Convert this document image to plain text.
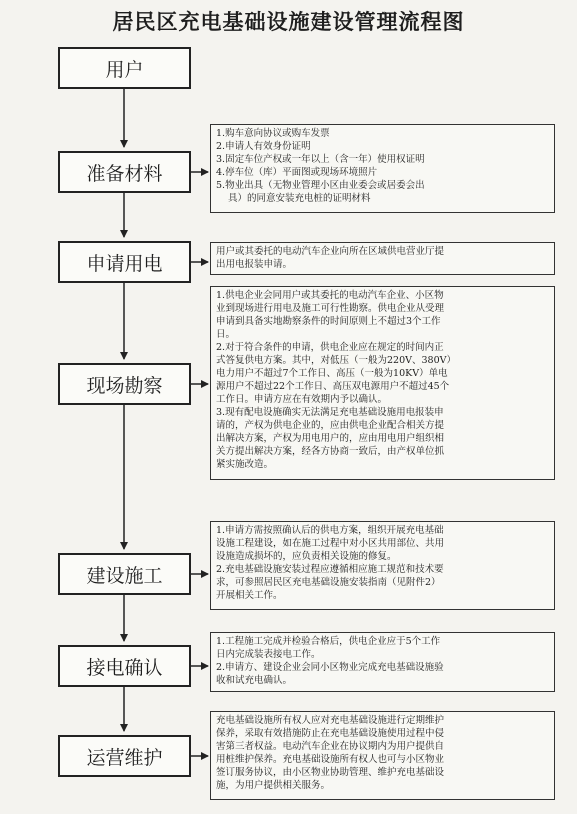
居民区充电基础设施建设管理流程图
用户
准备材料
申请用电
现场勘察
建设施工
接电确认
运营维护
1.购车意向协议或购车发票
2.申请人有效身份证明
3.固定车位产权或一年以上（含一年）使用权证明
4.停车位（库）平面图或现场环境照片
5.物业出具（无物业管理小区由业委会或居委会出
具）的同意安装充电桩的证明材料
用户或其委托的电动汽车企业向所在区域供电营业厅提
出用电报装申请。
1.供电企业会同用户或其委托的电动汽车企业、小区物
业到现场进行用电及施工可行性勘察。供电企业从受理
申请到具备实地勘察条件的时间原则上不超过3个工作
日。
2.对于符合条件的申请，供电企业应在规定的时间内正
式答复供电方案。其中，对低压（一般为220V、380V）
电力用户不超过7个工作日、高压（一般为10KV）单电
源用户不超过22个工作日、高压双电源用户不超过45个
工作日。申请方应在有效期内予以确认。
3.现有配电设施确实无法满足充电基础设施用电报装申
请的，产权为供电企业的，应由供电企业配合相关方提
出解决方案，产权为用电用户的，应由用电用户组织相
关方提出解决方案，经各方协商一致后，由产权单位抓
紧实施改造。
1.申请方需按照确认后的供电方案，组织开展充电基础
设施工程建设，如在施工过程中对小区共用部位、共用
设施造成损坏的，应负责相关设施的修复。
2.充电基础设施安装过程应遵循相应施工规范和技术要
求，可参照居民区充电基础设施安装指南（见附件2）
开展相关工作。
1.工程施工完成并检验合格后，供电企业应于5个工作
日内完成装表接电工作。
2.申请方、建设企业会同小区物业完成充电基础设施验
收和试充电确认。
充电基础设施所有权人应对充电基础设施进行定期维护
保养，采取有效措施防止在充电基础设施使用过程中侵
害第三者权益。电动汽车企业在协议期内为用户提供自
用桩维护保养。充电基础设施所有权人也可与小区物业
签订服务协议，由小区物业协助管理、维护充电基础设
施，为用户提供相关服务。
